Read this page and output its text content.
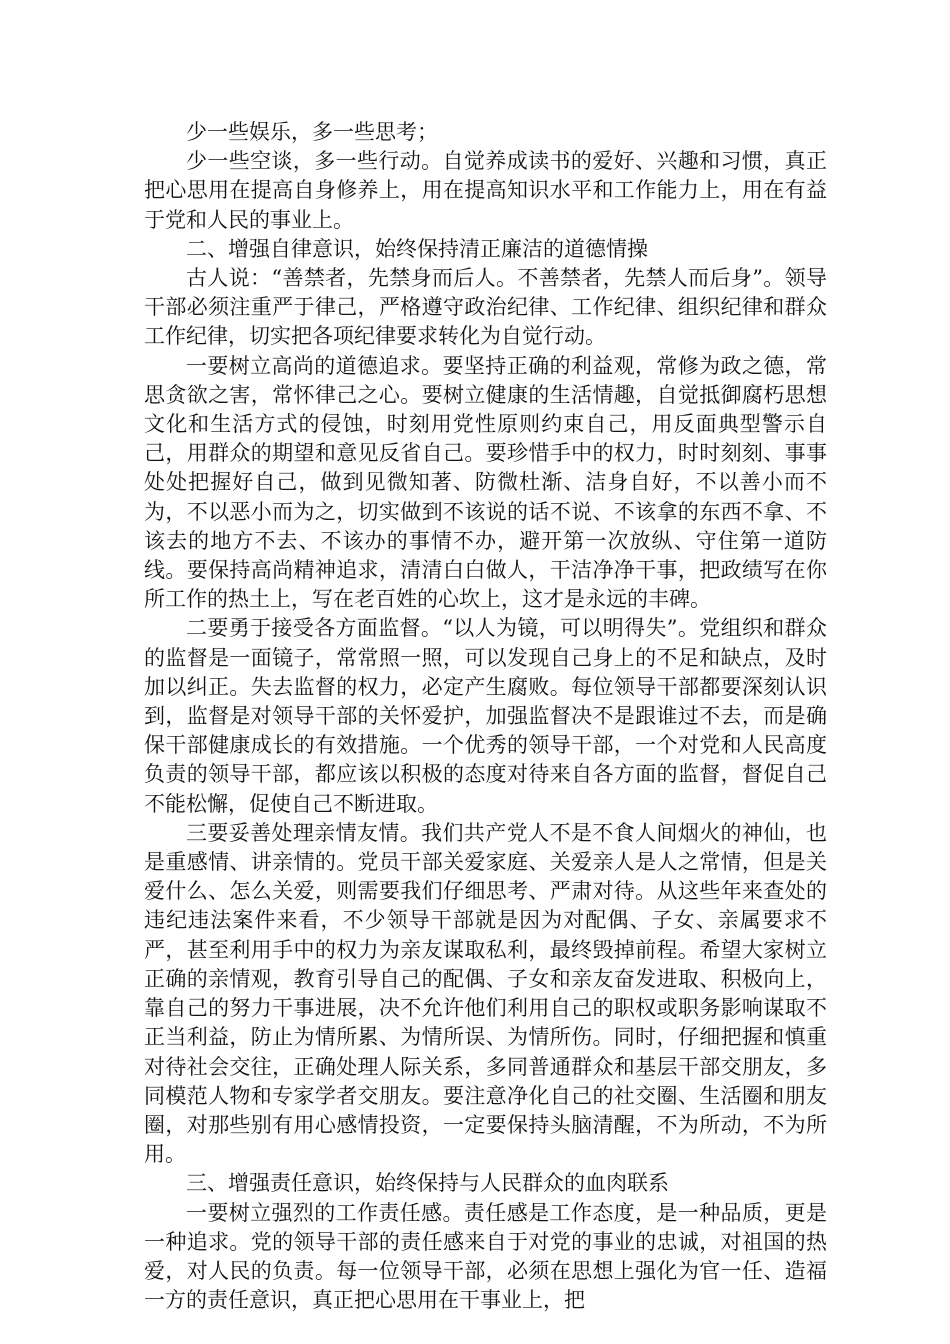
少一些娱乐，多一些思考；

少一些空谈，多一些行动。自觉养成读书的爱好、兴趣和习惯，真正把心思用在提高自身修养上，用在提高知识水平和工作能力上，用在有益于党和人民的事业上。

二、增强自律意识，始终保持清正廉洁的道德情操

古人说：“善禁者，先禁身而后人。不善禁者，先禁人而后身”。领导干部必须注重严于律己，严格遵守政治纪律、工作纪律、组织纪律和群众工作纪律，切实把各项纪律要求转化为自觉行动。

一要树立高尚的道德追求。要坚持正确的利益观，常修为政之德，常思贪欲之害，常怀律己之心。要树立健康的生活情趣，自觉抵御腐朽思想文化和生活方式的侵蚀，时刻用党性原则约束自己，用反面典型警示自己，用群众的期望和意见反省自己。要珍惜手中的权力，时时刻刻、事事处处把握好自己，做到见微知著、防微杜渐、洁身自好，不以善小而不为，不以恶小而为之，切实做到不该说的话不说、不该拿的东西不拿、不该去的地方不去、不该办的事情不办，避开第一次放纵、守住第一道防线。要保持高尚精神追求，清清白白做人，干洁净净干事，把政绩写在你所工作的热土上，写在老百姓的心坎上，这才是永远的丰碑。

二要勇于接受各方面监督。“以人为镜，可以明得失”。党组织和群众的监督是一面镜子，常常照一照，可以发现自己身上的不足和缺点，及时加以纠正。失去监督的权力，必定产生腐败。每位领导干部都要深刻认识到，监督是对领导干部的关怀爱护，加强监督决不是跟谁过不去，而是确保干部健康成长的有效措施。一个优秀的领导干部，一个对党和人民高度负责的领导干部，都应该以积极的态度对待来自各方面的监督，督促自己不能松懈，促使自己不断进取。

三要妥善处理亲情友情。我们共产党人不是不食人间烟火的神仙，也是重感情、讲亲情的。党员干部关爱家庭、关爱亲人是人之常情，但是关爱什么、怎么关爱，则需要我们仔细思考、严肃对待。从这些年来查处的违纪违法案件来看，不少领导干部就是因为对配偶、子女、亲属要求不严，甚至利用手中的权力为亲友谋取私利，最终毁掉前程。希望大家树立正确的亲情观，教育引导自己的配偶、子女和亲友奋发进取、积极向上，靠自己的努力干事进展，决不允许他们利用自己的职权或职务影响谋取不正当利益，防止为情所累、为情所误、为情所伤。同时，仔细把握和慎重对待社会交往，正确处理人际关系，多同普通群众和基层干部交朋友，多同模范人物和专家学者交朋友。要注意净化自己的社交圈、生活圈和朋友圈，对那些别有用心感情投资，一定要保持头脑清醒，不为所动，不为所用。

三、增强责任意识，始终保持与人民群众的血肉联系

一要树立强烈的工作责任感。责任感是工作态度，是一种品质，更是一种追求。党的领导干部的责任感来自于对党的事业的忠诚，对祖国的热爱，对人民的负责。每一位领导干部，必须在思想上强化为官一任、造福一方的责任意识，真正把心思用在干事业上，把
